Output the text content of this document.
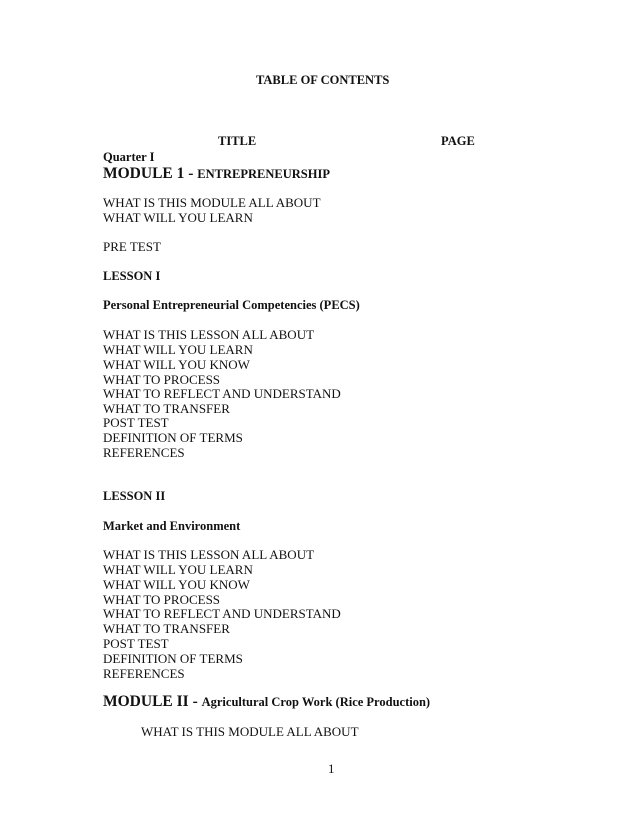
TABLE OF CONTENTS
TITLE	PAGE
Quarter I
MODULE 1 - ENTREPRENEURSHIP
WHAT IS THIS MODULE ALL ABOUT
WHAT WILL YOU LEARN
PRE TEST
LESSON I
Personal Entrepreneurial Competencies (PECS)
WHAT IS THIS LESSON ALL ABOUT
WHAT WILL YOU LEARN
WHAT WILL YOU KNOW
WHAT TO PROCESS
WHAT TO REFLECT AND UNDERSTAND
WHAT TO TRANSFER
POST TEST
DEFINITION OF TERMS
REFERENCES
LESSON II
Market and Environment
WHAT IS THIS LESSON ALL ABOUT
WHAT WILL YOU LEARN
WHAT WILL YOU KNOW
WHAT TO PROCESS
WHAT TO REFLECT AND UNDERSTAND
WHAT TO TRANSFER
POST TEST
DEFINITION OF TERMS
REFERENCES
MODULE II - Agricultural Crop Work (Rice Production)
WHAT IS THIS MODULE ALL ABOUT
1
